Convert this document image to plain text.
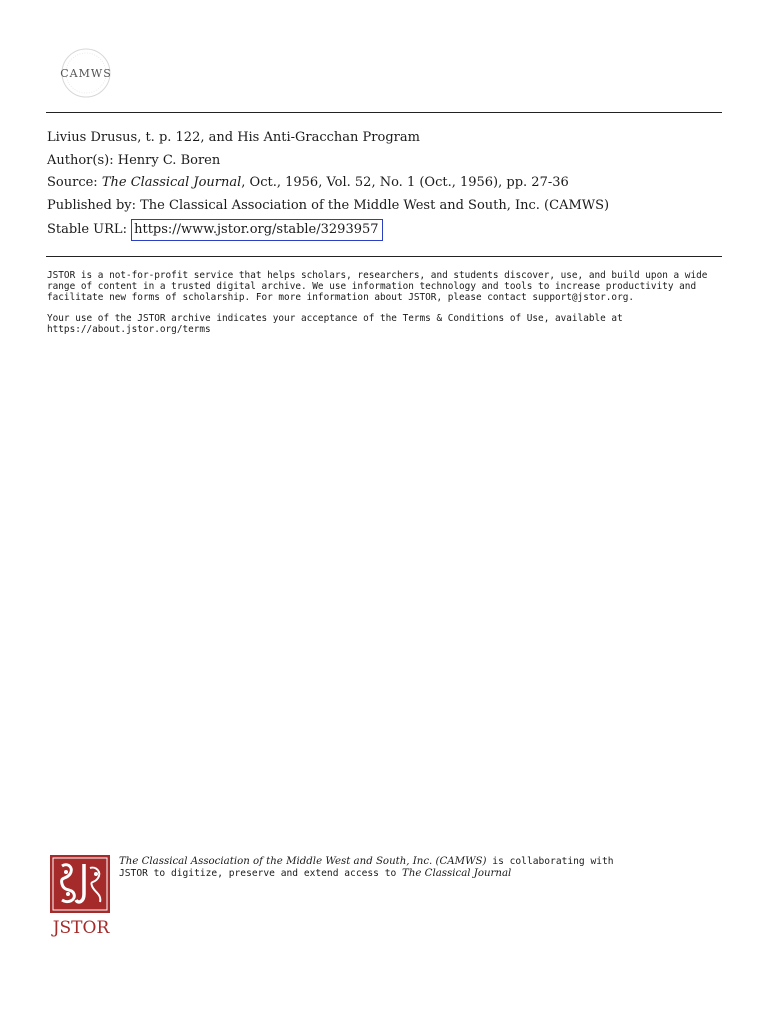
CAMWS
Livius Drusus, t. p. 122, and His Anti-Gracchan Program
Author(s): Henry C. Boren
Source: The Classical Journal, Oct., 1956, Vol. 52, No. 1 (Oct., 1956), pp. 27-36
Published by: The Classical Association of the Middle West and South, Inc. (CAMWS)
Stable URL: https://www.jstor.org/stable/3293957

JSTOR is a not-for-profit service that helps scholars, researchers, and students discover, use, and build upon a wide
range of content in a trusted digital archive. We use information technology and tools to increase productivity and
facilitate new forms of scholarship. For more information about JSTOR, please contact support@jstor.org.

Your use of the JSTOR archive indicates your acceptance of the Terms & Conditions of Use, available at
https://about.jstor.org/terms

JSTOR
The Classical Association of the Middle West and South, Inc. (CAMWS) is collaborating with
JSTOR to digitize, preserve and extend access to The Classical Journal
